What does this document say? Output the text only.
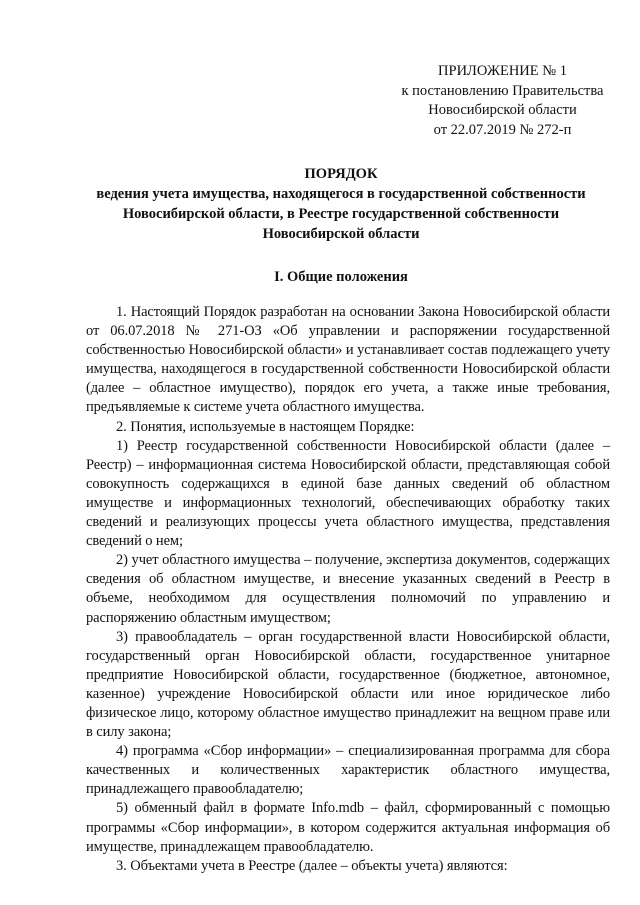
ПРИЛОЖЕНИЕ № 1
к постановлению Правительства
Новосибирской области
от 22.07.2019 № 272-п
ПОРЯДОК
ведения учета имущества, находящегося в государственной собственности
Новосибирской области, в Реестре государственной собственности
Новосибирской области
I. Общие положения

1. Настоящий Порядок разработан на основании Закона Новосибирской области от 06.07.2018 № 271-ОЗ «Об управлении и распоряжении государственной собственностью Новосибирской области» и устанавливает состав подлежащего учету имущества, находящегося в государственной собственности Новосибирской области (далее – областное имущество), порядок его учета, а также иные требования, предъявляемые к системе учета областного имущества.

2. Понятия, используемые в настоящем Порядке:

1) Реестр государственной собственности Новосибирской области (далее – Реестр) – информационная система Новосибирской области, представляющая собой совокупность содержащихся в единой базе данных сведений об областном имуществе и информационных технологий, обеспечивающих обработку таких сведений и реализующих процессы учета областного имущества, представления сведений о нем;

2) учет областного имущества – получение, экспертиза документов, содержащих сведения об областном имуществе, и внесение указанных сведений в Реестр в объеме, необходимом для осуществления полномочий по управлению и распоряжению областным имуществом;

3) правообладатель – орган государственной власти Новосибирской области, государственный орган Новосибирской области, государственное унитарное предприятие Новосибирской области, государственное (бюджетное, автономное, казенное) учреждение Новосибирской области или иное юридическое либо физическое лицо, которому областное имущество принадлежит на вещном праве или в силу закона;

4) программа «Сбор информации» – специализированная программа для сбора качественных и количественных характеристик областного имущества, принадлежащего правообладателю;

5) обменный файл в формате Info.mdb – файл, сформированный с помощью программы «Сбор информации», в котором содержится актуальная информация об имуществе, принадлежащем правообладателю.

3. Объектами учета в Реестре (далее – объекты учета) являются:
